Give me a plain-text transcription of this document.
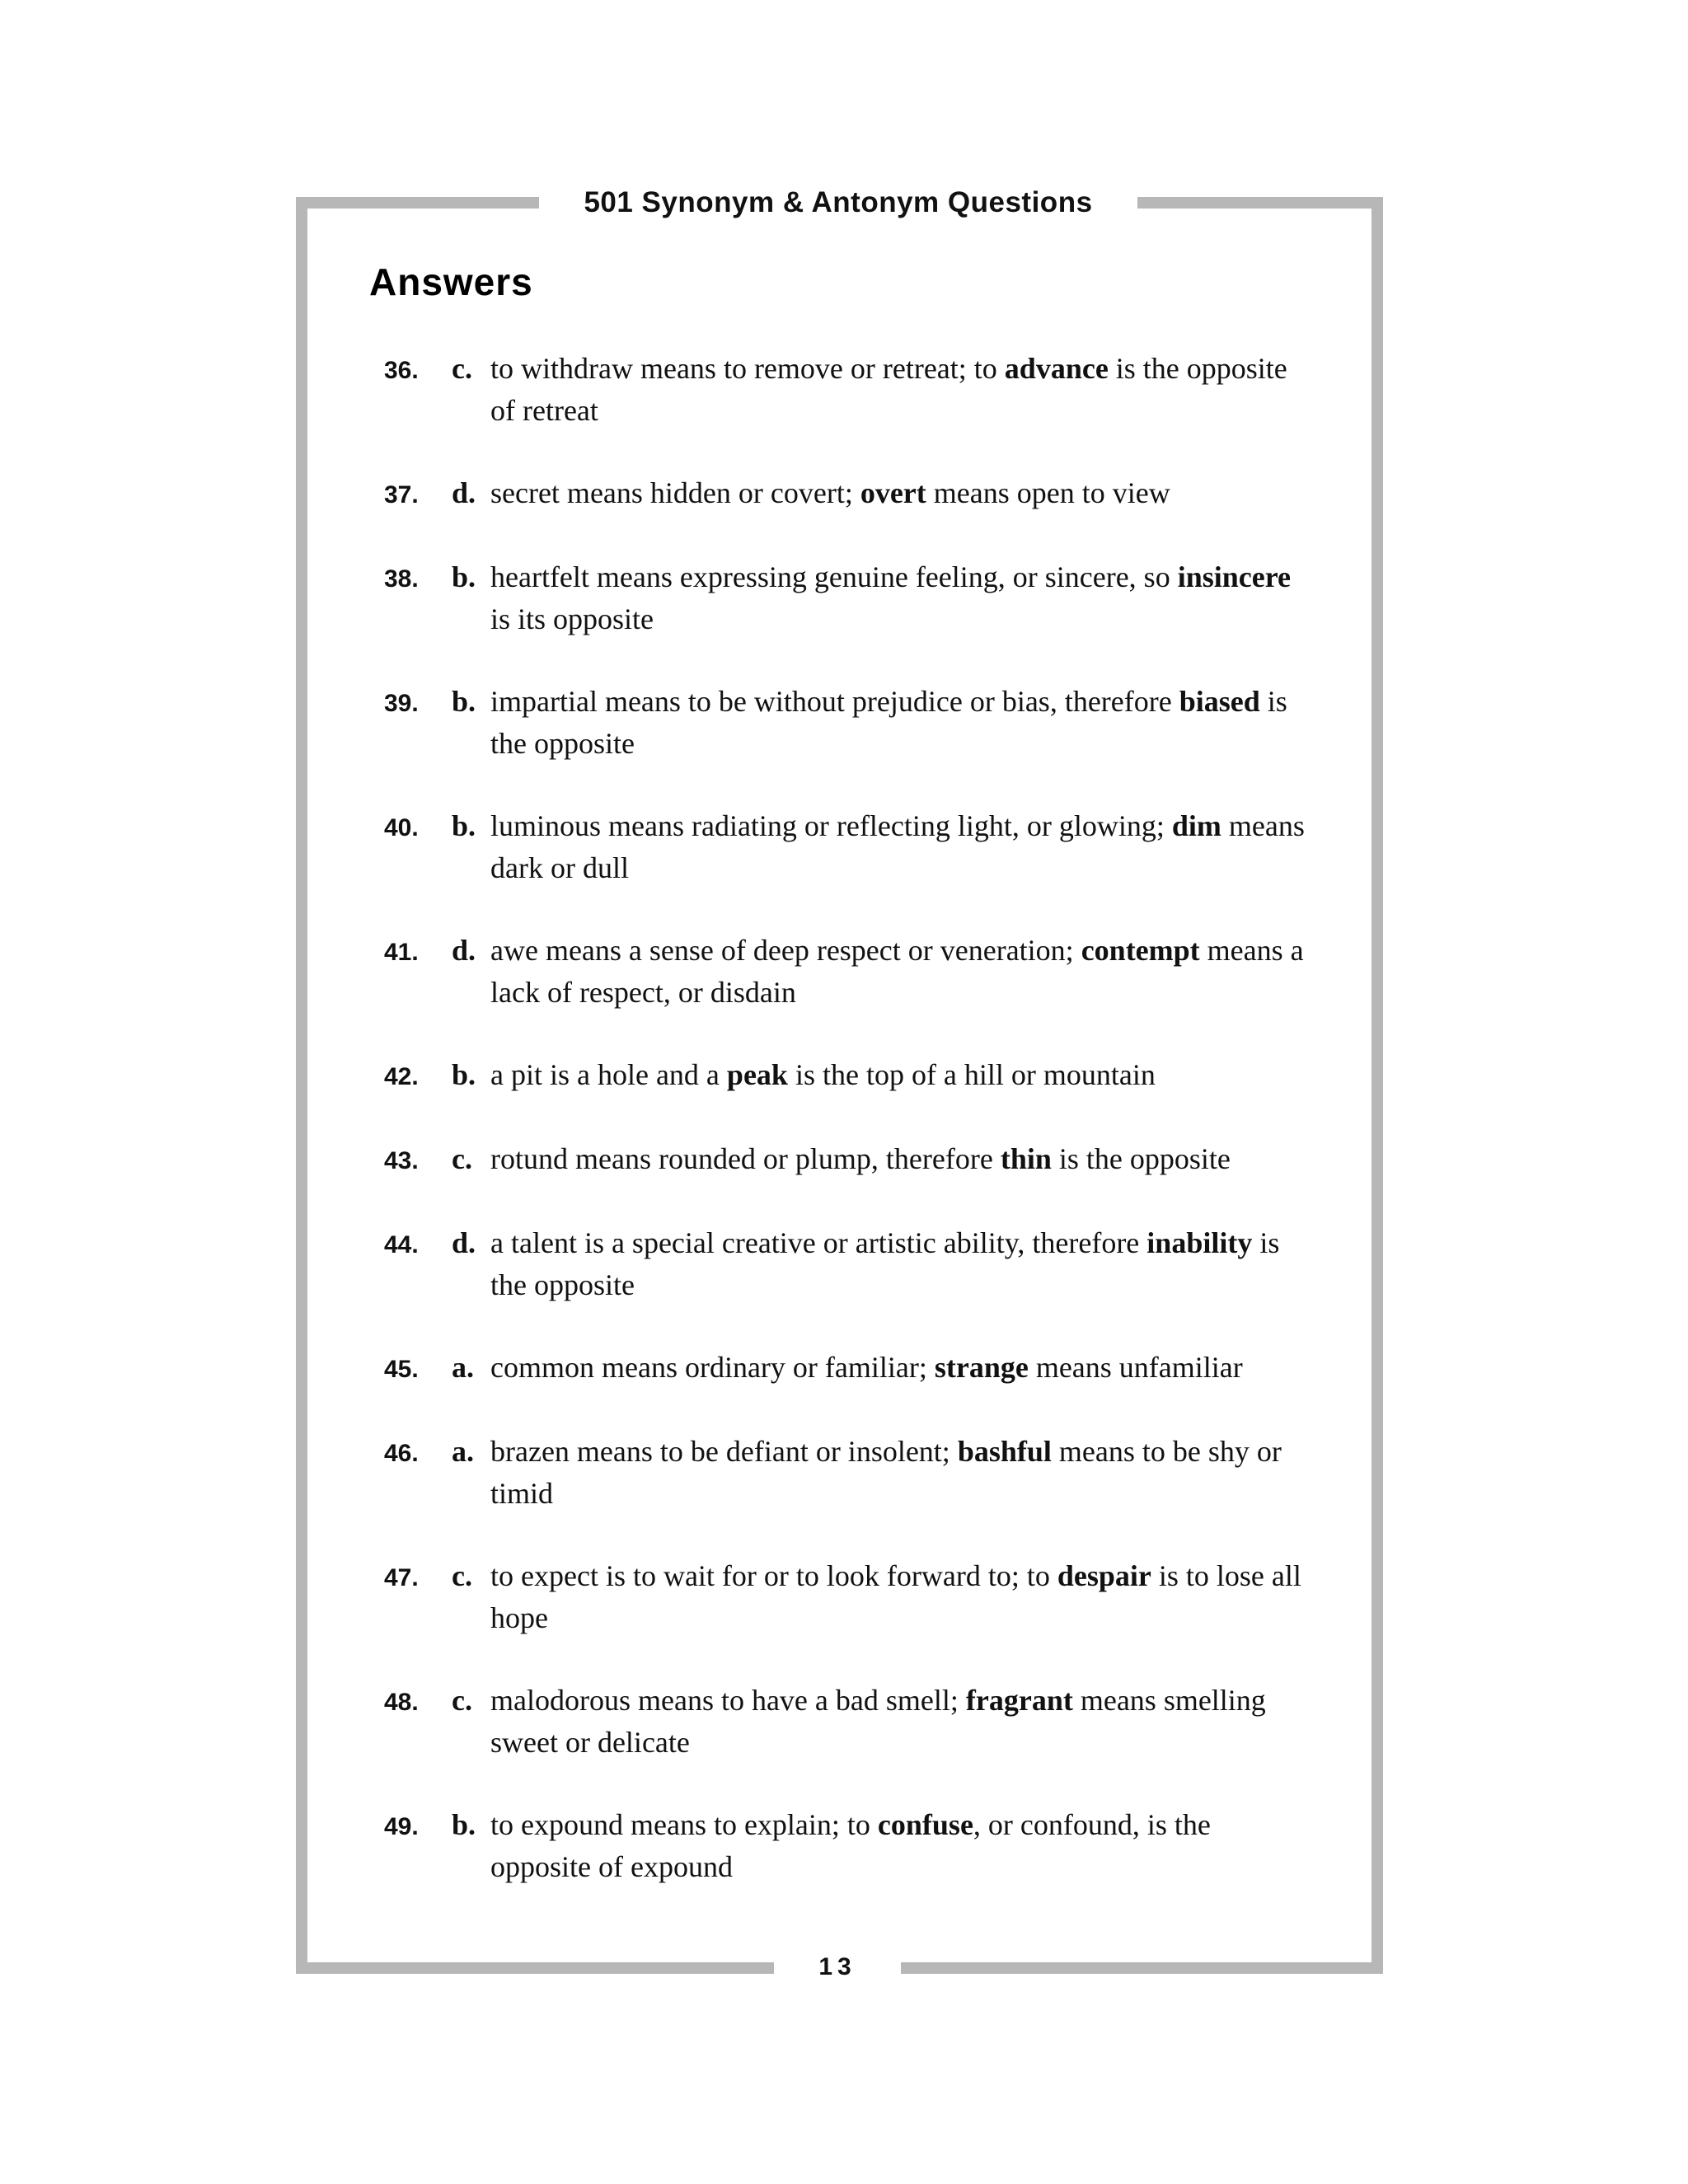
501 Synonym & Antonym Questions
Answers
36.	c. to withdraw means to remove or retreat; to advance is the opposite of retreat
37.	d. secret means hidden or covert; overt means open to view
38.	b. heartfelt means expressing genuine feeling, or sincere, so insincere is its opposite
39.	b. impartial means to be without prejudice or bias, therefore biased is the opposite
40.	b. luminous means radiating or reflecting light, or glowing; dim means dark or dull
41.	d. awe means a sense of deep respect or veneration; contempt means a lack of respect, or disdain
42.	b. a pit is a hole and a peak is the top of a hill or mountain
43.	c. rotund means rounded or plump, therefore thin is the opposite
44.	d. a talent is a special creative or artistic ability, therefore inability is the opposite
45.	a. common means ordinary or familiar; strange means unfamiliar
46.	a. brazen means to be defiant or insolent; bashful means to be shy or timid
47.	c. to expect is to wait for or to look forward to; to despair is to lose all hope
48.	c. malodorous means to have a bad smell; fragrant means smelling sweet or delicate
49.	b. to expound means to explain; to confuse, or confound, is the opposite of expound
13
